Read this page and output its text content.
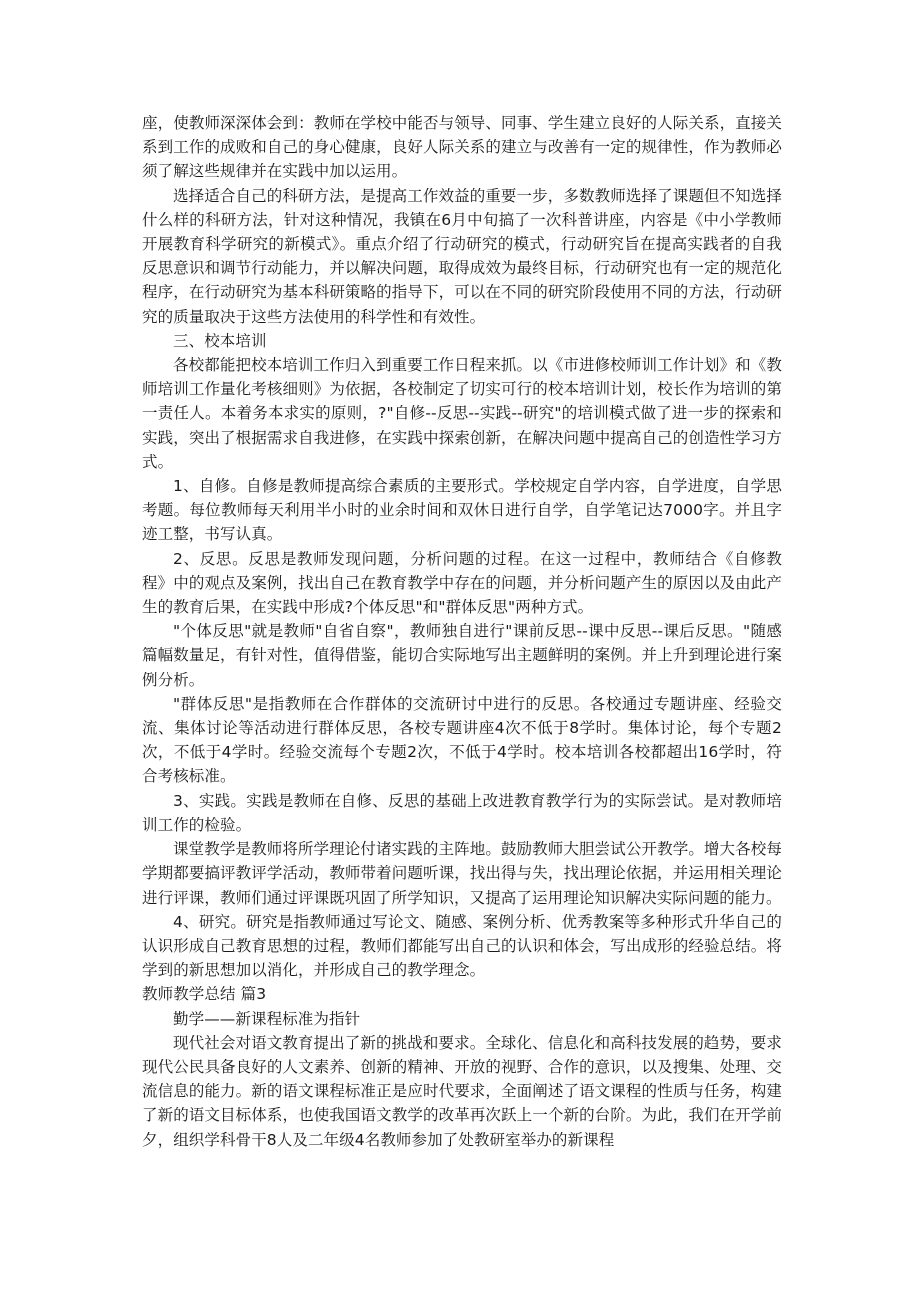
座，使教师深深体会到：教师在学校中能否与领导、同事、学生建立良好的人际关系，直接关系到工作的成败和自己的身心健康，良好人际关系的建立与改善有一定的规律性，作为教师必须了解这些规律并在实践中加以运用。

选择适合自己的科研方法，是提高工作效益的重要一步，多数教师选择了课题但不知选择什么样的科研方法，针对这种情况，我镇在6月中旬搞了一次科普讲座，内容是《中小学教师开展教育科学研究的新模式》。重点介绍了行动研究的模式，行动研究旨在提高实践者的自我反思意识和调节行动能力，并以解决问题，取得成效为最终目标，行动研究也有一定的规范化程序，在行动研究为基本科研策略的指导下，可以在不同的研究阶段使用不同的方法，行动研究的质量取决于这些方法使用的科学性和有效性。

三、校本培训

各校都能把校本培训工作归入到重要工作日程来抓。以《市进修校师训工作计划》和《教师培训工作量化考核细则》为依据，各校制定了切实可行的校本培训计划，校长作为培训的第一责任人。本着务本求实的原则，?"自修--反思--实践--研究"的培训模式做了进一步的探索和实践，突出了根据需求自我进修，在实践中探索创新，在解决问题中提高自己的创造性学习方式。

1、自修。自修是教师提高综合素质的主要形式。学校规定自学内容，自学进度，自学思考题。每位教师每天利用半小时的业余时间和双休日进行自学，自学笔记达7000字。并且字迹工整，书写认真。

2、反思。反思是教师发现问题，分析问题的过程。在这一过程中，教师结合《自修教程》中的观点及案例，找出自己在教育教学中存在的问题，并分析问题产生的原因以及由此产生的教育后果，在实践中形成?个体反思"和"群体反思"两种方式。

"个体反思"就是教师"自省自察"，教师独自进行"课前反思--课中反思--课后反思。"随感篇幅数量足，有针对性，值得借鉴，能切合实际地写出主题鲜明的案例。并上升到理论进行案例分析。

"群体反思"是指教师在合作群体的交流研讨中进行的反思。各校通过专题讲座、经验交流、集体讨论等活动进行群体反思，各校专题讲座4次不低于8学时。集体讨论，每个专题2次，不低于4学时。经验交流每个专题2次，不低于4学时。校本培训各校都超出16学时，符合考核标准。

3、实践。实践是教师在自修、反思的基础上改进教育教学行为的实际尝试。是对教师培训工作的检验。

课堂教学是教师将所学理论付诸实践的主阵地。鼓励教师大胆尝试公开教学。增大各校每学期都要搞评教评学活动，教师带着问题听课，找出得与失，找出理论依据，并运用相关理论进行评课，教师们通过评课既巩固了所学知识，又提高了运用理论知识解决实际问题的能力。

4、研究。研究是指教师通过写论文、随感、案例分析、优秀教案等多种形式升华自己的认识形成自己教育思想的过程，教师们都能写出自己的认识和体会，写出成形的经验总结。将学到的新思想加以消化，并形成自己的教学理念。

教师教学总结 篇3

勤学——新课程标准为指针

现代社会对语文教育提出了新的挑战和要求。全球化、信息化和高科技发展的趋势，要求现代公民具备良好的人文素养、创新的精神、开放的视野、合作的意识，以及搜集、处理、交流信息的能力。新的语文课程标准正是应时代要求，全面阐述了语文课程的性质与任务，构建了新的语文目标体系，也使我国语文教学的改革再次跃上一个新的台阶。为此，我们在开学前夕，组织学科骨干8人及二年级4名教师参加了处教研室举办的新课程
